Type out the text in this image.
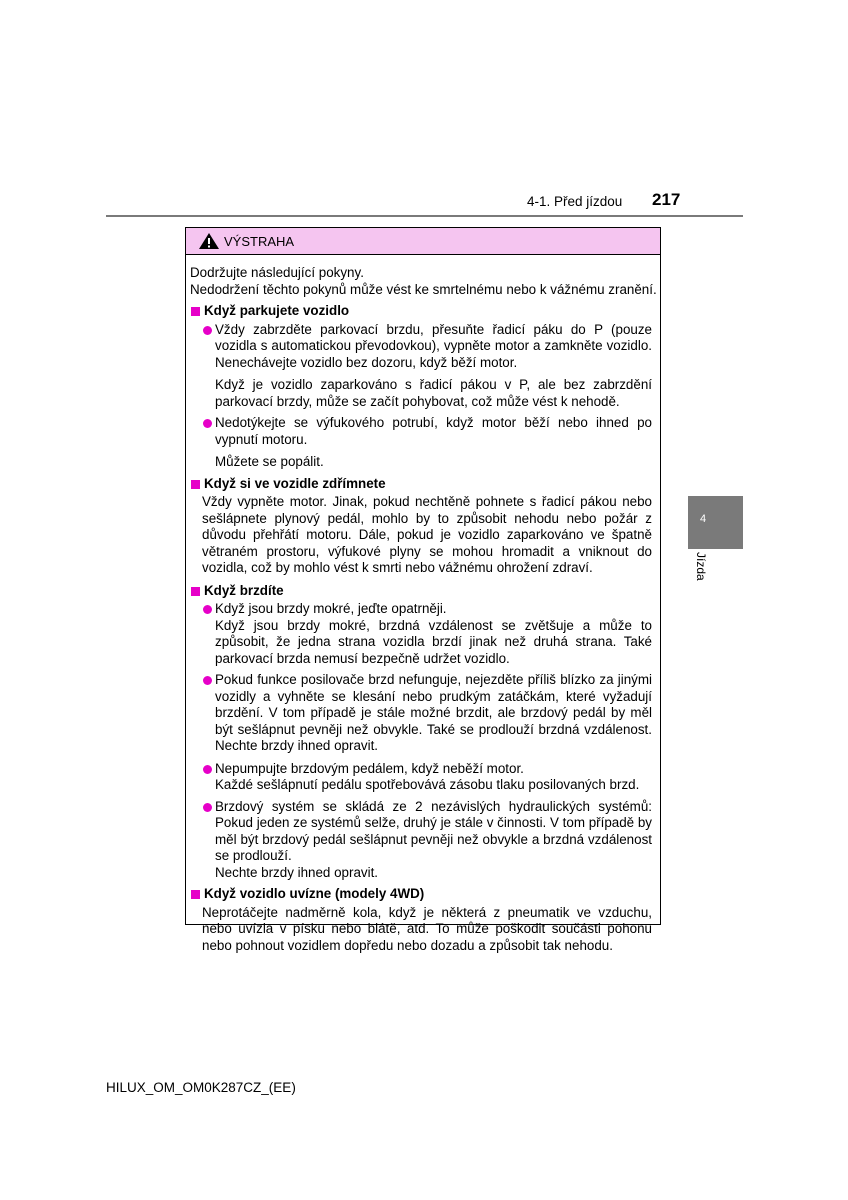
4-1. Před jízdou 217
4
Jízda
VÝSTRAHA
Dodržujte následující pokyny.
Nedodržení těchto pokynů může vést ke smrtelnému nebo k vážnému zranění.
Když parkujete vozidlo
Vždy zabrzděte parkovací brzdu, přesuňte řadicí páku do P (pouze vozidla s automatickou převodovkou), vypněte motor a zamkněte vozidlo. Nenechávejte vozidlo bez dozoru, když běží motor.
Když je vozidlo zaparkováno s řadicí pákou v P, ale bez zabrzdění parkovací brzdy, může se začít pohybovat, což může vést k nehodě.
Nedotýkejte se výfukového potrubí, když motor běží nebo ihned po vypnutí motoru.
Můžete se popálit.
Když si ve vozidle zdřímnete
Vždy vypněte motor. Jinak, pokud nechtěně pohnete s řadicí pákou nebo sešlápnete plynový pedál, mohlo by to způsobit nehodu nebo požár z důvodu přehřátí motoru. Dále, pokud je vozidlo zaparkováno ve špatně větraném prostoru, výfukové plyny se mohou hromadit a vniknout do vozidla, což by mohlo vést k smrti nebo vážnému ohrožení zdraví.
Když brzdíte
Když jsou brzdy mokré, jeďte opatrněji.
Když jsou brzdy mokré, brzdná vzdálenost se zvětšuje a může to způsobit, že jedna strana vozidla brzdí jinak než druhá strana. Také parkovací brzda nemusí bezpečně udržet vozidlo.
Pokud funkce posilovače brzd nefunguje, nejezděte příliš blízko za jinými vozidly a vyhněte se klesání nebo prudkým zatáčkám, které vyžadují brzdění. V tom případě je stále možné brzdit, ale brzdový pedál by měl být sešlápnut pevněji než obvykle. Také se prodlouží brzdná vzdálenost. Nechte brzdy ihned opravit.
Nepumpujte brzdovým pedálem, když neběží motor.
Každé sešlápnutí pedálu spotřebovává zásobu tlaku posilovaných brzd.
Brzdový systém se skládá ze 2 nezávislých hydraulických systémů: Pokud jeden ze systémů selže, druhý je stále v činnosti. V tom případě by měl být brzdový pedál sešlápnut pevněji než obvykle a brzdná vzdálenost se prodlouží.
Nechte brzdy ihned opravit.
Když vozidlo uvízne (modely 4WD)
Neprotáčejte nadměrně kola, když je některá z pneumatik ve vzduchu, nebo uvízla v písku nebo blátě, atd. To může poškodit součásti pohonu nebo pohnout vozidlem dopředu nebo dozadu a způsobit tak nehodu.
HILUX_OM_OM0K287CZ_(EE)
